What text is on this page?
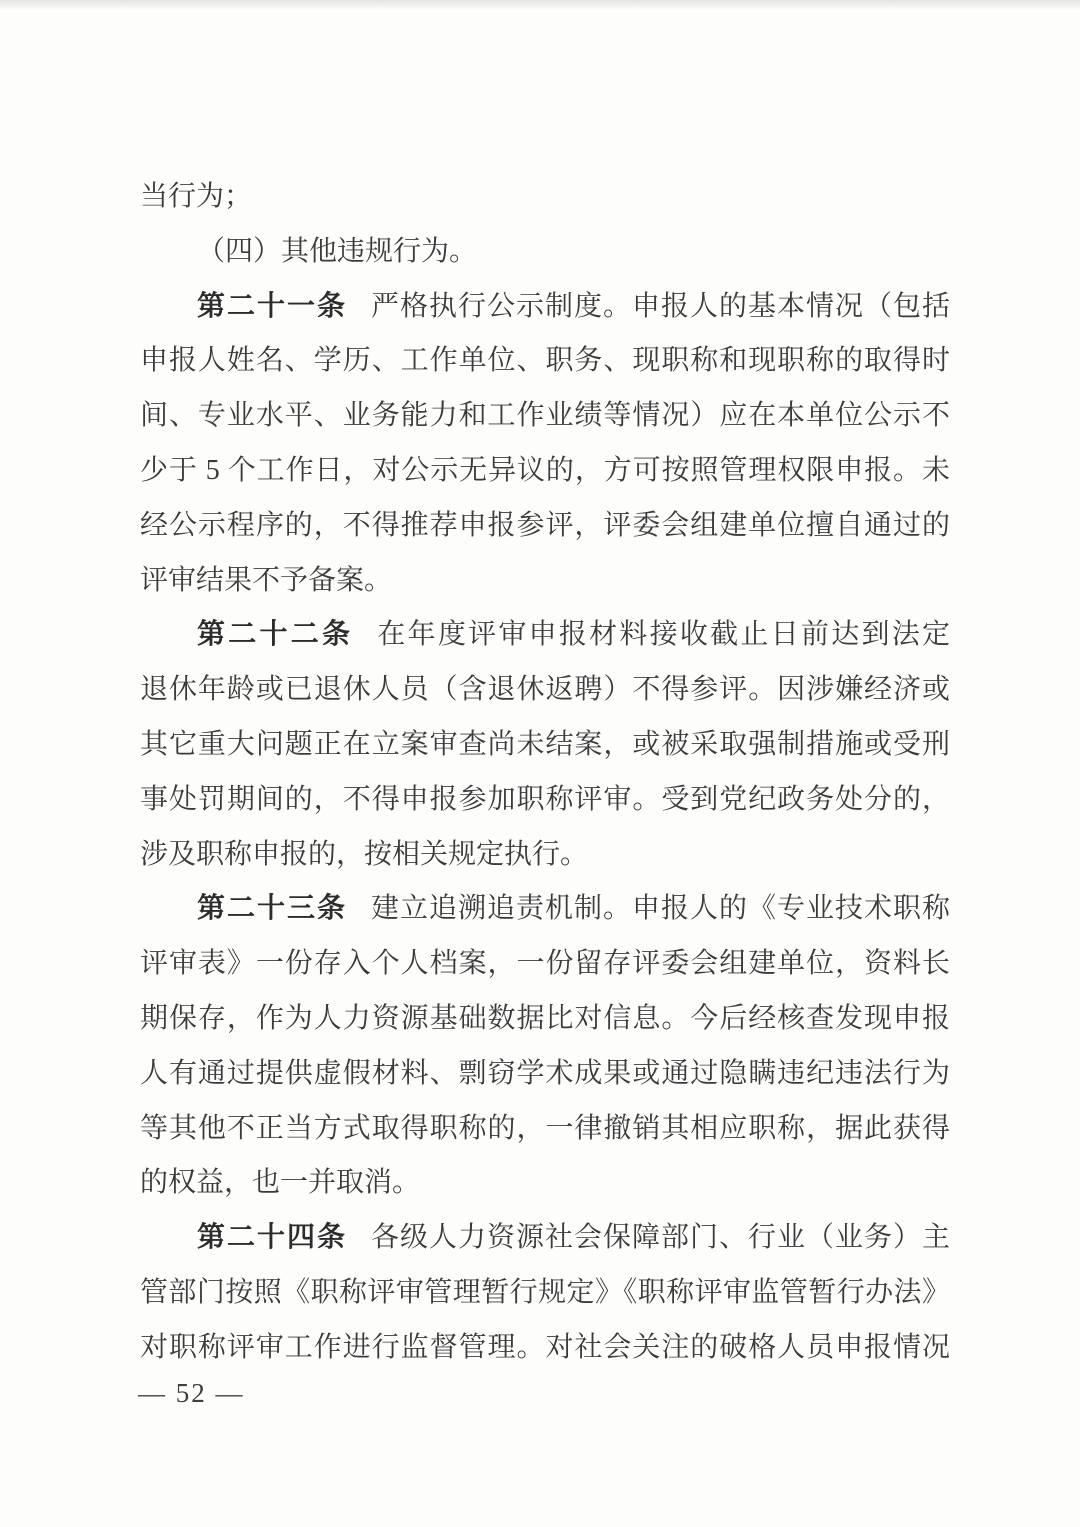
当行为；
（四）其他违规行为。
第二十一条 严格执行公示制度。申报人的基本情况（包括
申报人姓名、学历、工作单位、职务、现职称和现职称的取得时
间、专业水平、业务能力和工作业绩等情况）应在本单位公示不
少于 5 个工作日，对公示无异议的，方可按照管理权限申报。未
经公示程序的，不得推荐申报参评，评委会组建单位擅自通过的
评审结果不予备案。
第二十二条 在年度评审申报材料接收截止日前达到法定
退休年龄或已退休人员（含退休返聘）不得参评。因涉嫌经济或
其它重大问题正在立案审查尚未结案，或被采取强制措施或受刑
事处罚期间的，不得申报参加职称评审。受到党纪政务处分的，
涉及职称申报的，按相关规定执行。
第二十三条 建立追溯追责机制。申报人的《专业技术职称
评审表》一份存入个人档案，一份留存评委会组建单位，资料长
期保存，作为人力资源基础数据比对信息。今后经核查发现申报
人有通过提供虚假材料、剽窃学术成果或通过隐瞒违纪违法行为
等其他不正当方式取得职称的，一律撤销其相应职称，据此获得
的权益，也一并取消。
第二十四条 各级人力资源社会保障部门、行业（业务）主
管部门按照《职称评审管理暂行规定》《职称评审监管暂行办法》
对职称评审工作进行监督管理。对社会关注的破格人员申报情况
— 52 —
